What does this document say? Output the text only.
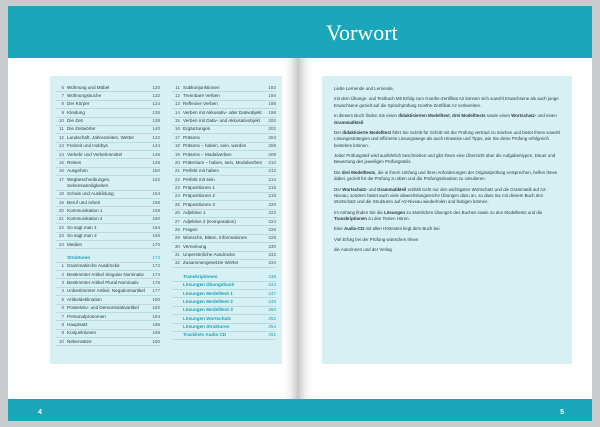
6 Wohnung und Möbel	130
7 Wohnungssuche	132
8 Der Körper	134
9 Kleidung	136
10 Die Zeit	138
11 Die Zeitwörter	140
12 Landschaft, Jahreszeiten, Wetter	142
13 Freizeit und Hobbys	144
14 Verkehr und Verkehrsmittel	146
15 Reisen	148
16 Ausgehen	150
17 Wegbeschreibungen, Sehenswürdigkeiten
152
18 Schule und Ausbildung	154
19 Beruf und Arbeit	156
20 Kommunikation 1	158
21 Kommunikation 2	160
22 So sagt man 1	164
23 So sagt man 2	166
24 Medien	170
Strukturen	172
1 Grammatische Ausdrücke	172
2 Bestimmter Artikel Singular Nominativ	174
3 Bestimmter Artikel Plural Nominativ	176
4 Unbestimmter Artikel, Negationsartikel	177
5 Artikeldeklination	180
6 Possessiv- und Demonstrativartikel	182
7 Personalpronomen	184
8 Hauptsatz	186
9 Konjunktionen	188
10 Nebensätze	190
11 Subkonjunktionen	192
12 Trennbare Verben	194
13 Reflexive Verben	196
14 Verben mit Akkusativ- oder Dativobjekt	198
15 Verben mit Dativ- und Akkusativobjekt	200
16 Ergänzungen	202
17 Präsens	204
18 Präsens – haben, sein, werden	206
19 Präsens – Modalverben	208
20 Präteritum – haben, sein, Modalverben	210
21 Perfekt mit haben	212
22 Perfekt mit sein	214
23 Präpositionen 1	216
24 Präpositionen 2	218
25 Präpositionen 3	220
26 Adjektive 1	222
27 Adjektive 2 (Komparation)	224
28 Fragen	226
29 Wünsche, Bitten, Informationen	228
30 Verneinung	230
31 Unpersönliche Ausdrücke	232
32 Zusammengesetzte Wörter	234
Transkriptionen	236
Lösungen Übungsbuch	244
Lösungen Modelltest 1	247
Lösungen Modelltest 2	249
Lösungen Modelltest 3	250
Lösungen Wortschatz	252
Lösungen Strukturen	254
Tracklists Audio CD	261
4
Vorwort

Liebe Lernende und Lernende,

mit dem Übungs- und Testbuch Mit Erfolg zum Goethe-Zertifikat A2 können sich sowohl Erwachsene als auch junge Erwachsene gezielt auf die Sprachprüfung Goethe-Zertifikat A2 vorbereiten.

In diesem Buch finden Sie einen didaktisierten Modelltest, drei Modelltests sowie einen Wortschatz- und einen Grammatikteil.

Der didaktisierte Modelltest führt Sie Schritt für Schritt mit der Prüfung vertraut zu machen und bietet Ihnen sowohl Lösungsstrategien und effiziente Lösungswege als auch Hinweise und Tipps, wie Sie diese Prüfung erfolgreich bestehen können.

Jeder Prüfungsteil wird ausführlich beschrieben und gibt Ihnen eine Übersicht über die Aufgabentypen, Dauer und Bewertung des jeweiligen Prüfungsteils.

Die drei Modelltests, die in ihrem Umfang und ihren Anforderungen der Originalprüfung entsprechen, helfen Ihnen dabei, gezielt für die Prüfung zu üben und die Prüfungssituation zu simulieren.

Der Wortschatz- und Grammatikteil enthält nicht nur den wichtigsten Wortschatz und die Grammatik auf A2-Niveau, sondern bietet auch viele abwechslungsreiche Übungen dazu an, so dass Sie mit diesem Buch den Wortschatz und die Strukturen auf A2-Niveau wiederholen und festigen können.

Im Anhang finden Sie die Lösungen zu sämtlichen Übungen des Buches sowie zu den Modelltests und die Transkriptionen zu den Texten Hören.

Eine Audio-CD mit allen Hörtexten liegt dem Buch bei.

Viel Erfolg bei der Prüfung wünschen Ihnen

die Autorinnen und der Verlag

5
